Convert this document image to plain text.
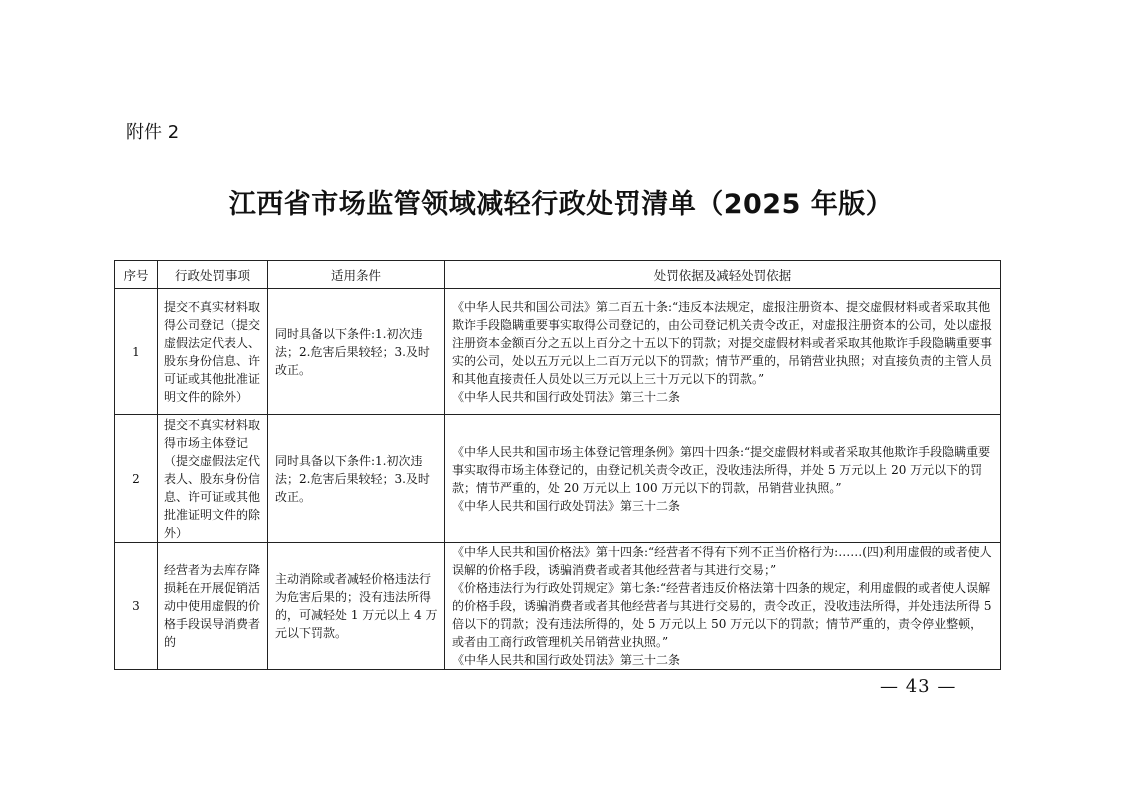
附件 2
江西省市场监管领域减轻行政处罚清单（2025 年版）
序号	行政处罚事项	适用条件	处罚依据及减轻处罚依据
1	提交不真实材料取得公司登记（提交虚假法定代表人、股东身份信息、许可证或其他批准证明文件的除外）	同时具备以下条件:1.初次违法；2.危害后果较轻；3.及时改正。	《中华人民共和国公司法》第二百五十条:“违反本法规定，虚报注册资本、提交虚假材料或者采取其他欺诈手段隐瞒重要事实取得公司登记的，由公司登记机关责令改正，对虚报注册资本的公司，处以虚报注册资本金额百分之五以上百分之十五以下的罚款；对提交虚假材料或者采取其他欺诈手段隐瞒重要事实的公司，处以五万元以上二百万元以下的罚款；情节严重的，吊销营业执照；对直接负责的主管人员和其他直接责任人员处以三万元以上三十万元以下的罚款。”
《中华人民共和国行政处罚法》第三十二条

2	提交不真实材料取得市场主体登记（提交虚假法定代表人、股东身份信息、许可证或其他批准证明文件的除外）	同时具备以下条件:1.初次违法；2.危害后果较轻；3.及时改正。	《中华人民共和国市场主体登记管理条例》第四十四条:“提交虚假材料或者采取其他欺诈手段隐瞒重要事实取得市场主体登记的，由登记机关责令改正，没收违法所得，并处 5 万元以上 20 万元以下的罚款；情节严重的，处 20 万元以上 100 万元以下的罚款，吊销营业执照。”
《中华人民共和国行政处罚法》第三十二条

3	经营者为去库存降损耗在开展促销活动中使用虚假的价格手段误导消费者的	主动消除或者减轻价格违法行为危害后果的；没有违法所得的，可减轻处 1 万元以上 4 万元以下罚款。	《中华人民共和国价格法》第十四条:“经营者不得有下列不正当价格行为:……(四)利用虚假的或者使人误解的价格手段，诱骗消费者或者其他经营者与其进行交易；”
《价格违法行为行政处罚规定》第七条:“经营者违反价格法第十四条的规定，利用虚假的或者使人误解的价格手段，诱骗消费者或者其他经营者与其进行交易的，责令改正，没收违法所得，并处违法所得 5 倍以下的罚款；没有违法所得的，处 5 万元以上 50 万元以下的罚款；情节严重的，责令停业整顿，或者由工商行政管理机关吊销营业执照。”
《中华人民共和国行政处罚法》第三十二条
— 43 —
